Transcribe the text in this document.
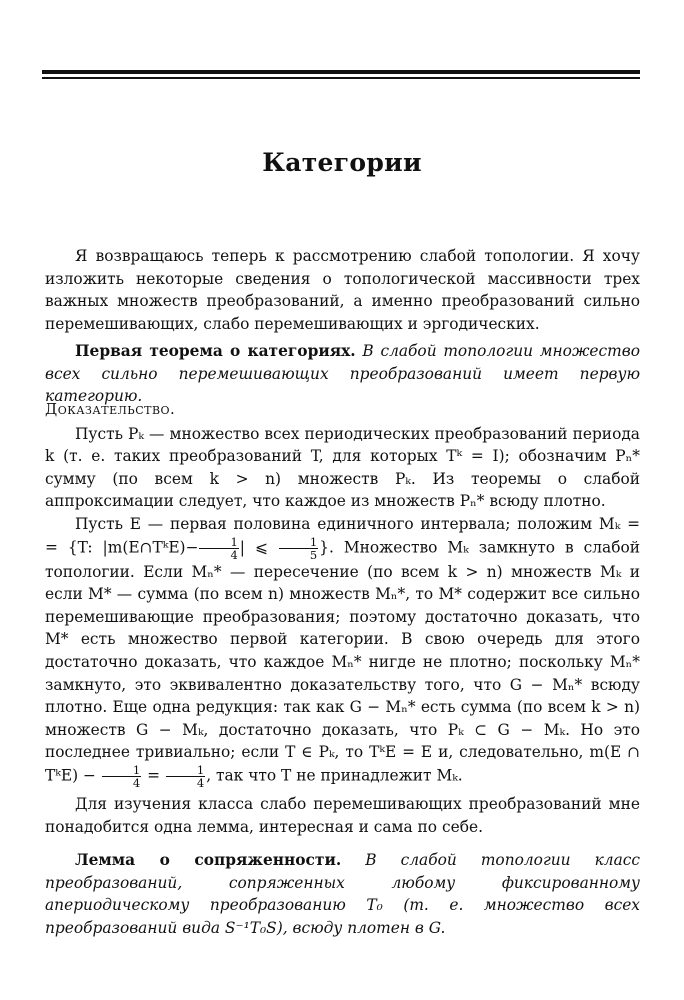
Категории

Я возвращаюсь теперь к рассмотрению слабой топологии. Я хочу изложить некоторые сведения о топологической массивности трех важных множеств преобразований, а именно преобразований сильно перемешивающих, слабо перемешивающих и эргодических.

Первая теорема о категориях. В слабой топологии множество всех сильно перемешивающих преобразований имеет первую категорию.

Доказательство.

Пусть Pₖ — множество всех периодических преобразований периода k (т. е. таких преобразований T, для которых Tᵏ = I); обозначим Pₙ* сумму (по всем k > n) множеств Pₖ. Из теоремы о слабой аппроксимации следует, что каждое из множеств Pₙ* всюду плотно.

Пусть E — первая половина единичного интервала; положим Mₖ = = {T: |m(E∩TᵏE)− $\frac{1}{4}$ | ⩽ $\frac{1}{5}$ }. Множество Mₖ замкнуто в слабой топологии. Если Mₙ* — пересечение (по всем k > n) множеств Mₖ и если M* — сумма (по всем n) множеств Mₙ*, то M* содержит все сильно перемешивающие преобразования; поэтому достаточно доказать, что M* есть множество первой категории. В свою очередь для этого достаточно доказать, что каждое Mₙ* нигде не плотно; поскольку Mₙ* замкнуто, это эквивалентно доказательству того, что G − Mₙ* всюду плотно. Еще одна редукция: так как G − Mₙ* есть сумма (по всем k > n) множеств G − Mₖ, достаточно доказать, что Pₖ ⊂ G − Mₖ. Но это последнее тривиально; если T ∈ Pₖ, то TᵏE = E и, следовательно, m(E ∩ TᵏE) − $\frac{1}{4} = \frac{1}{4}$ , так что T не принадлежит Mₖ.

Для изучения класса слабо перемешивающих преобразований мне понадобится одна лемма, интересная и сама по себе.

Лемма о сопряженности. В слабой топологии класс преобразований, сопряженных любому фиксированному апериодическому преобразованию T₀ (т. е. множество всех преобразований вида S⁻¹T₀S), всюду плотен в G.
